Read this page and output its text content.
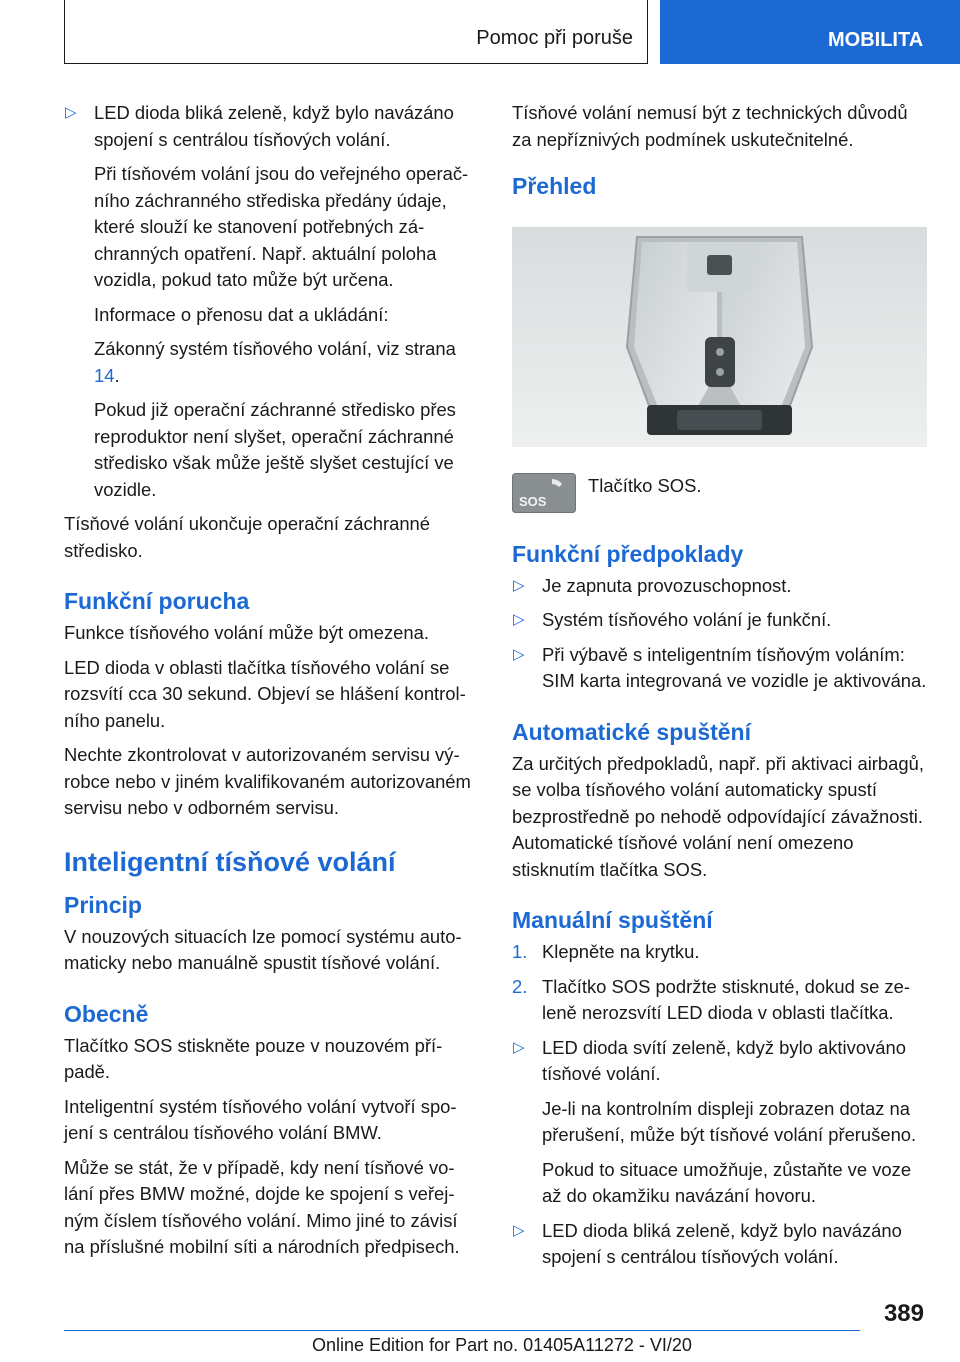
Pomoc při poruše	MOBILITA
▷ LED dioda bliká zeleně, když bylo navázáno spojení s centrálou tísňových volání.
Při tísňovém volání jsou do veřejného operačního záchranného střediska předány údaje, které slouží ke stanovení potřebných záchranných opatření. Např. aktuální poloha vozidla, pokud tato může být určena.
Informace o přenosu dat a ukládání:
Zákonný systém tísňového volání, viz strana 14.
Pokud již operační záchranné středisko přes reproduktor není slyšet, operační záchranné středisko však může ještě slyšet cestující ve vozidle.

Tísňové volání ukončuje operační záchranné středisko.

Funkční porucha

Funkce tísňového volání může být omezena.

LED dioda v oblasti tlačítka tísňového volání se rozsvítí cca 30 sekund. Objeví se hlášení kontrolního panelu.

Nechte zkontrolovat v autorizovaném servisu výrobce nebo v jiném kvalifikovaném autorizovaném servisu nebo v odborném servisu.

Inteligentní tísňové volání
Princip

V nouzových situacích lze pomocí systému automaticky nebo manuálně spustit tísňové volání.

Obecně

Tlačítko SOS stiskněte pouze v nouzovém případě.

Inteligentní systém tísňového volání vytvoří spojení s centrálou tísňového volání BMW.

Může se stát, že v případě, kdy není tísňové volání přes BMW možné, dojde ke spojení s veřejným číslem tísňového volání. Mimo jiné to závisí na příslušné mobilní síti a národních předpisech.

Tísňové volání nemusí být z technických důvodů za nepříznivých podmínek uskutečnitelné.

Přehled
SOS
Tlačítko SOS.
Funkční předpoklady
▷ Je zapnuta provozuschopnost.
▷ Systém tísňového volání je funkční.
▷ Při výbavě s inteligentním tísňovým voláním: SIM karta integrovaná ve vozidle je aktivována.
Automatické spuštění

Za určitých předpokladů, např. při aktivaci airbagů, se volba tísňového volání automaticky spustí bezprostředně po nehodě odpovídající závažnosti. Automatické tísňové volání není omezeno stisknutím tlačítka SOS.

Manuální spuštění
1. Klepněte na krytku.
2. Tlačítko SOS podržte stisknuté, dokud se zeleně nerozsvítí LED dioda v oblasti tlačítka.
▷ LED dioda svítí zeleně, když bylo aktivováno tísňové volání.
Je-li na kontrolním displeji zobrazen dotaz na přerušení, může být tísňové volání přerušeno.
Pokud to situace umožňuje, zůstaňte ve voze až do okamžiku navázání hovoru.
▷ LED dioda bliká zeleně, když bylo navázáno spojení s centrálou tísňových volání.
389
Online Edition for Part no. 01405A11272 - VI/20
